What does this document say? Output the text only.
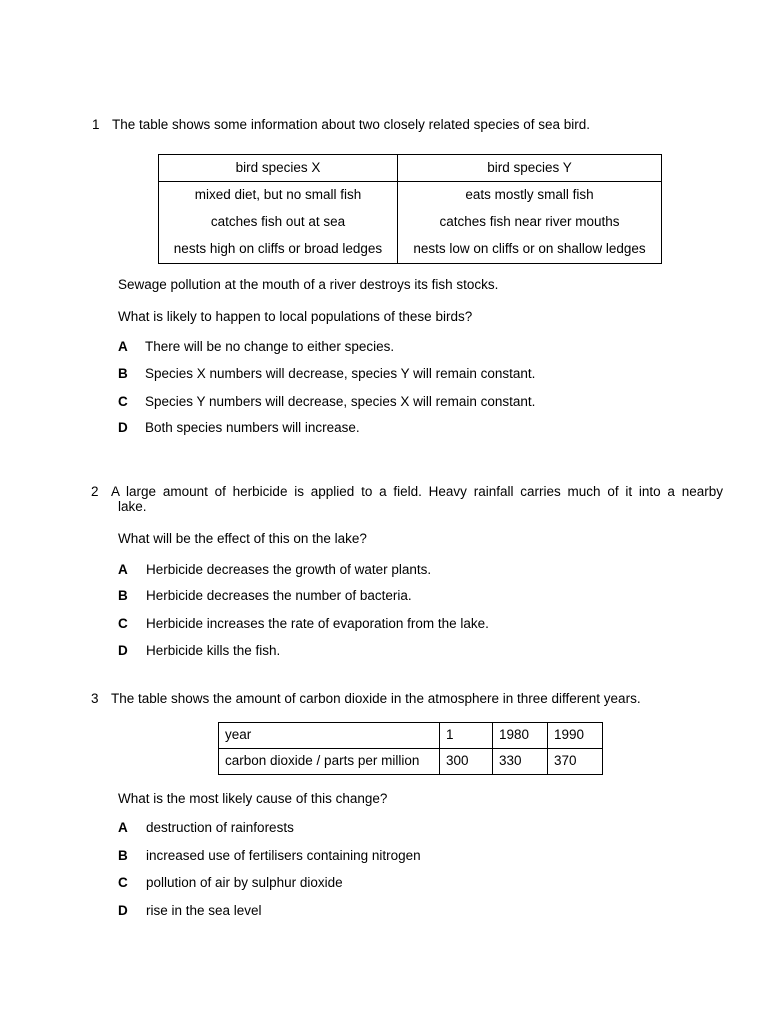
1 The table shows some information about two closely related species of sea bird.
bird species X	bird species Y
mixed diet, but no small fish	eats mostly small fish
catches fish out at sea	catches fish near river mouths
nests high on cliffs or broad ledges	nests low on cliffs or on shallow ledges
Sewage pollution at the mouth of a river destroys its fish stocks.
What is likely to happen to local populations of these birds?
A There will be no change to either species.
B Species X numbers will decrease, species Y will remain constant.
C Species Y numbers will decrease, species X will remain constant.
D Both species numbers will increase.
2 A large amount of herbicide is applied to a field. Heavy rainfall carries much of it into a nearby
lake.
What will be the effect of this on the lake?
A Herbicide decreases the growth of water plants.
B Herbicide decreases the number of bacteria.
C Herbicide increases the rate of evaporation from the lake.
D Herbicide kills the fish.
3 The table shows the amount of carbon dioxide in the atmosphere in three different years.
year	1	1980	1990
carbon dioxide / parts per million	300	330	370
What is the most likely cause of this change?
A destruction of rainforests
B increased use of fertilisers containing nitrogen
C pollution of air by sulphur dioxide
D rise in the sea level
